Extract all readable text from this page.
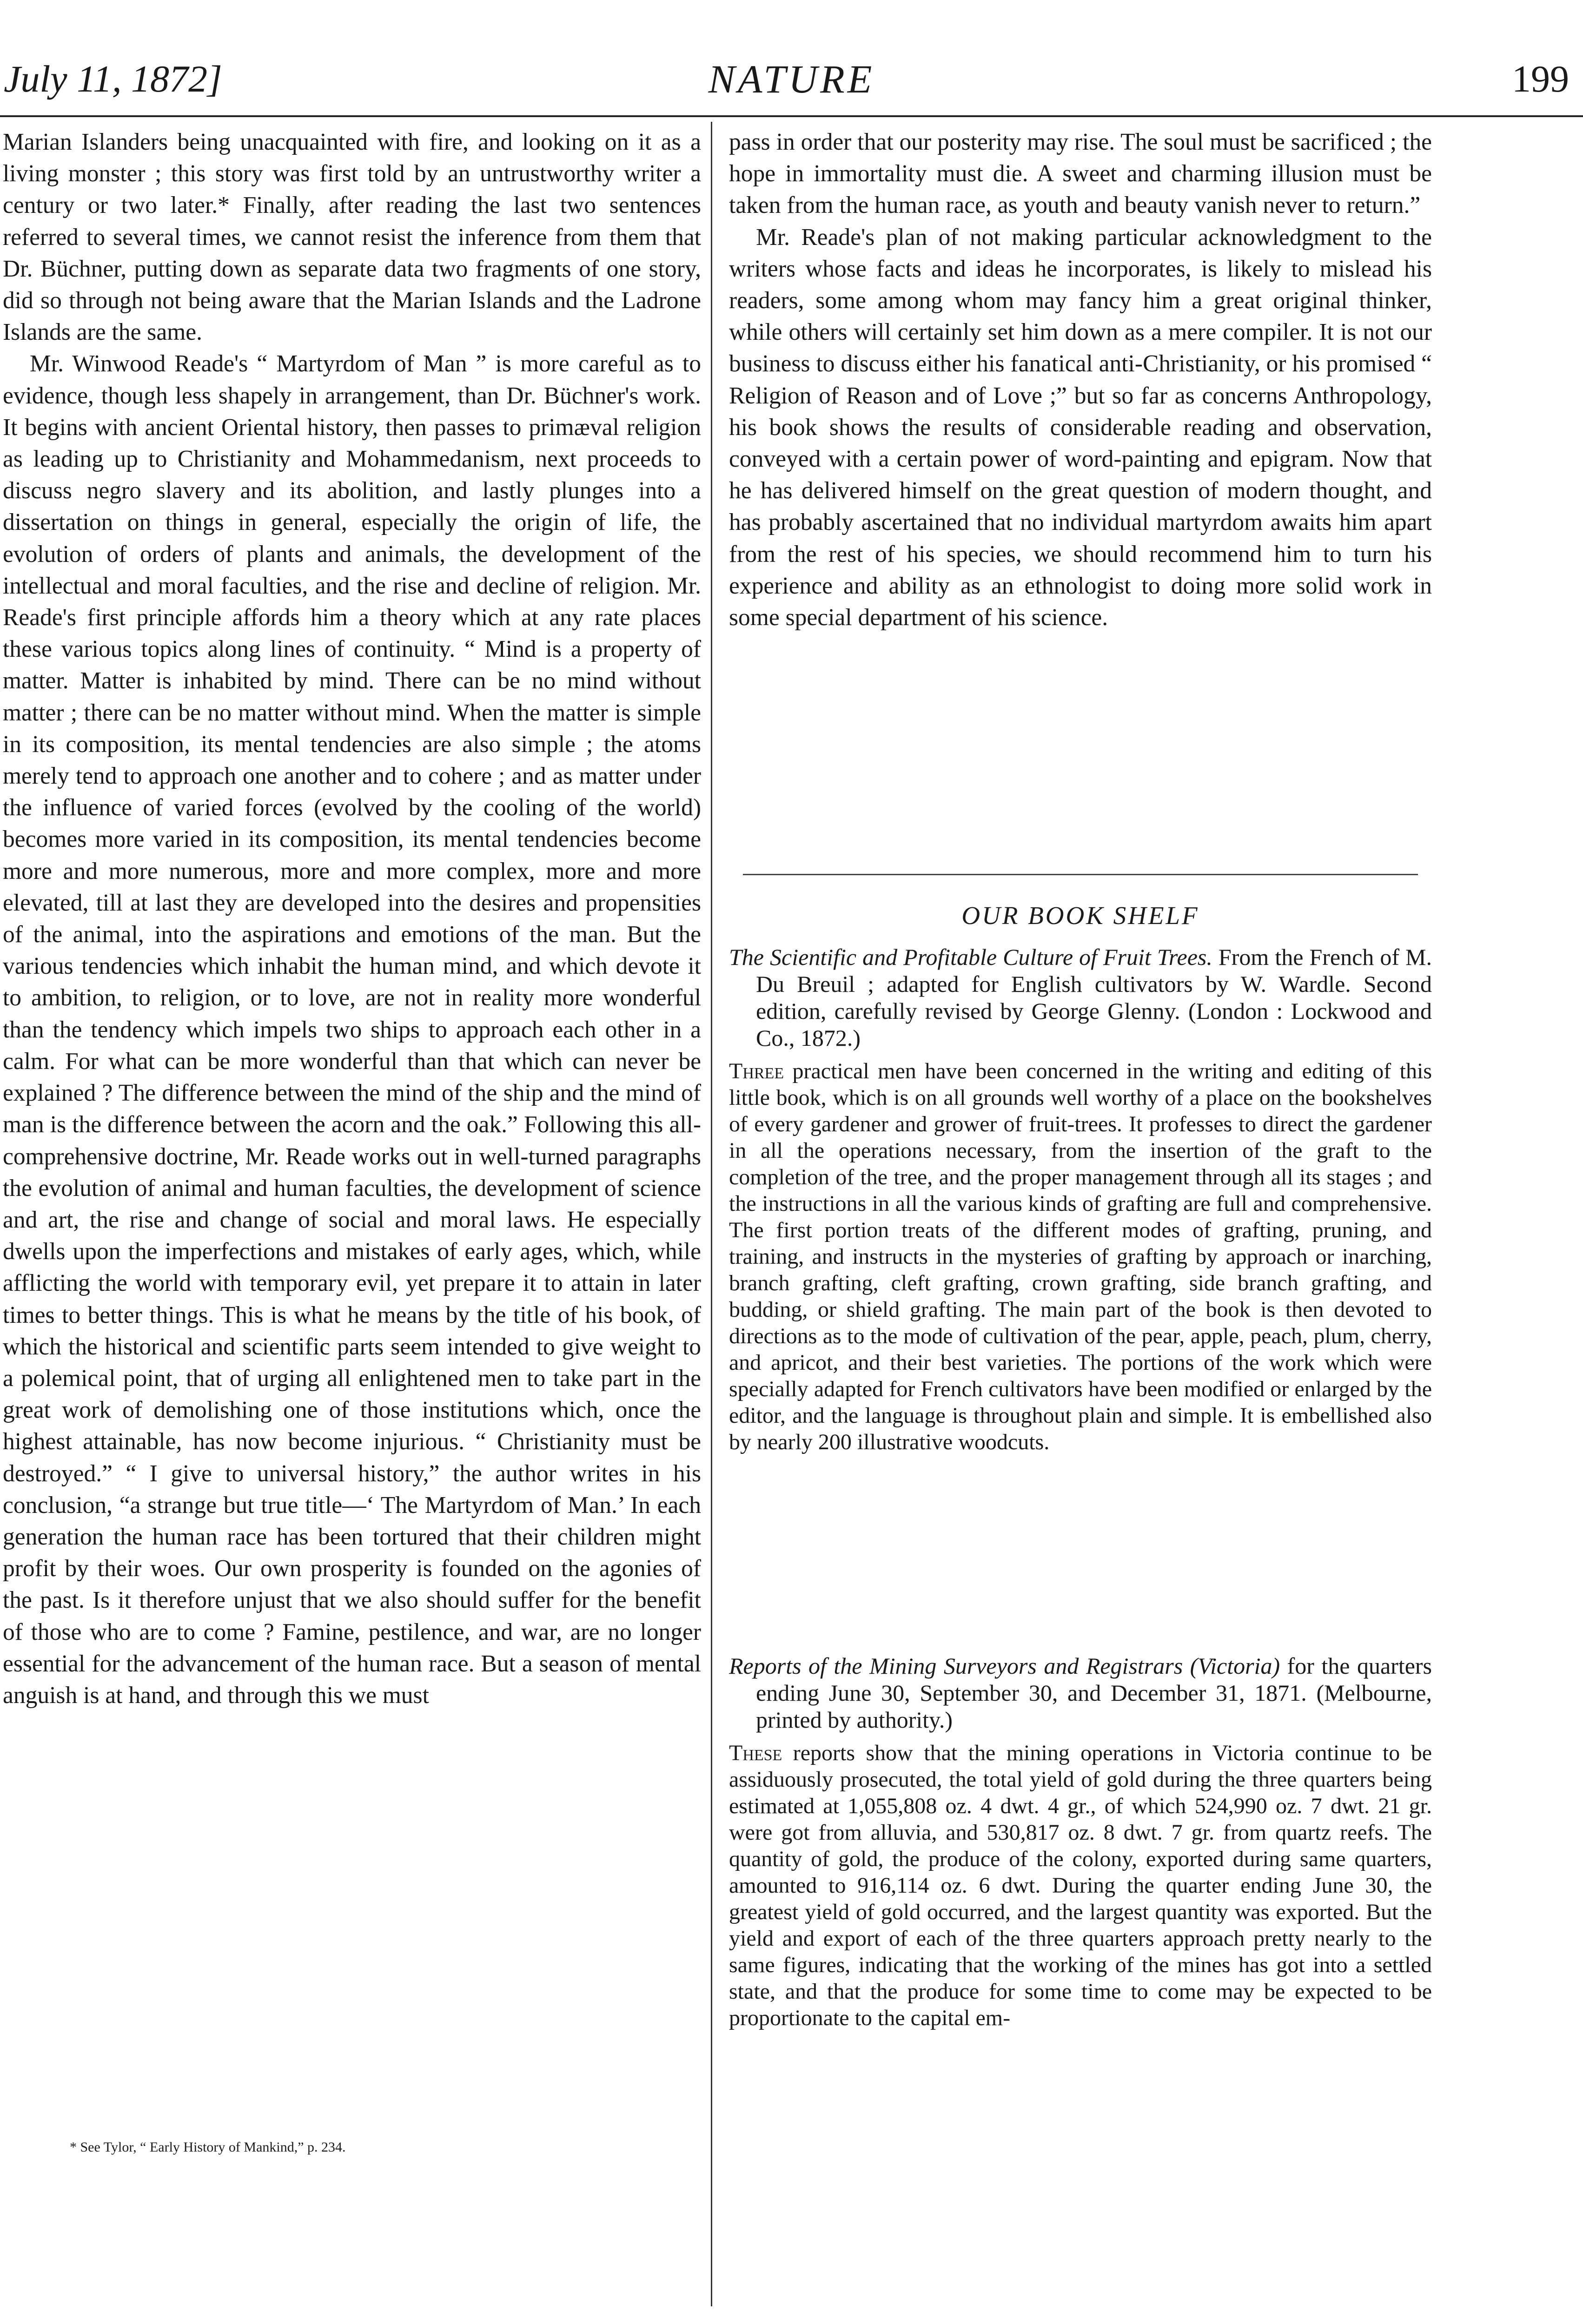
July 11, 1872]	NATURE	199

Marian Islanders being unacquainted with fire, and looking on it as a living monster ; this story was first told by an untrustworthy writer a century or two later.* Finally, after reading the last two sentences referred to several times, we cannot resist the inference from them that Dr. Büchner, putting down as separate data two fragments of one story, did so through not being aware that the Marian Islands and the Ladrone Islands are the same.

Mr. Winwood Reade's “ Martyrdom of Man ” is more careful as to evidence, though less shapely in arrangement, than Dr. Büchner's work. It begins with ancient Oriental history, then passes to primæval religion as leading up to Christianity and Mohammedanism, next proceeds to discuss negro slavery and its abolition, and lastly plunges into a dissertation on things in general, especially the origin of life, the evolution of orders of plants and animals, the development of the intellectual and moral faculties, and the rise and decline of religion. Mr. Reade's first principle affords him a theory which at any rate places these various topics along lines of continuity. “ Mind is a property of matter. Matter is inhabited by mind. There can be no mind without matter ; there can be no matter without mind. When the matter is simple in its composition, its mental tendencies are also simple ; the atoms merely tend to approach one another and to cohere ; and as matter under the influence of varied forces (evolved by the cooling of the world) becomes more varied in its composition, its mental tendencies become more and more numerous, more and more complex, more and more elevated, till at last they are developed into the desires and propensities of the animal, into the aspirations and emotions of the man. But the various tendencies which inhabit the human mind, and which devote it to ambition, to religion, or to love, are not in reality more wonderful than the tendency which impels two ships to approach each other in a calm. For what can be more wonderful than that which can never be explained ? The difference between the mind of the ship and the mind of man is the difference between the acorn and the oak.” Following this all-comprehensive doctrine, Mr. Reade works out in well-turned paragraphs the evolution of animal and human faculties, the development of science and art, the rise and change of social and moral laws. He especially dwells upon the imperfections and mistakes of early ages, which, while afflicting the world with temporary evil, yet prepare it to attain in later times to better things. This is what he means by the title of his book, of which the historical and scientific parts seem intended to give weight to a polemical point, that of urging all enlightened men to take part in the great work of demolishing one of those institutions which, once the highest attainable, has now become injurious. “ Christianity must be destroyed.” “ I give to universal history,” the author writes in his conclusion, “a strange but true title—‘ The Martyrdom of Man.’ In each generation the human race has been tortured that their children might profit by their woes. Our own prosperity is founded on the agonies of the past. Is it therefore unjust that we also should suffer for the benefit of those who are to come ? Famine, pestilence, and war, are no longer essential for the advancement of the human race. But a season of mental anguish is at hand, and through this we must

* See Tylor, “ Early History of Mankind,” p. 234.

pass in order that our posterity may rise. The soul must be sacrificed ; the hope in immortality must die. A sweet and charming illusion must be taken from the human race, as youth and beauty vanish never to return.”

Mr. Reade's plan of not making particular acknowledgment to the writers whose facts and ideas he incorporates, is likely to mislead his readers, some among whom may fancy him a great original thinker, while others will certainly set him down as a mere compiler. It is not our business to discuss either his fanatical anti-Christianity, or his promised “ Religion of Reason and of Love ;” but so far as concerns Anthropology, his book shows the results of considerable reading and observation, conveyed with a certain power of word-painting and epigram. Now that he has delivered himself on the great question of modern thought, and has probably ascertained that no individual martyrdom awaits him apart from the rest of his species, we should recommend him to turn his experience and ability as an ethnologist to doing more solid work in some special department of his science.

OUR BOOK SHELF

The Scientific and Profitable Culture of Fruit Trees. From the French of M. Du Breuil ; adapted for English cultivators by W. Wardle. Second edition, carefully revised by George Glenny. (London : Lockwood and Co., 1872.)

Three practical men have been concerned in the writing and editing of this little book, which is on all grounds well worthy of a place on the bookshelves of every gardener and grower of fruit-trees. It professes to direct the gardener in all the operations necessary, from the insertion of the graft to the completion of the tree, and the proper management through all its stages ; and the instructions in all the various kinds of grafting are full and comprehensive. The first portion treats of the different modes of grafting, pruning, and training, and instructs in the mysteries of grafting by approach or inarching, branch grafting, cleft grafting, crown grafting, side branch grafting, and budding, or shield grafting. The main part of the book is then devoted to directions as to the mode of cultivation of the pear, apple, peach, plum, cherry, and apricot, and their best varieties. The portions of the work which were specially adapted for French cultivators have been modified or enlarged by the editor, and the language is throughout plain and simple. It is embellished also by nearly 200 illustrative woodcuts.

Reports of the Mining Surveyors and Registrars (Victoria) for the quarters ending June 30, September 30, and December 31, 1871. (Melbourne, printed by authority.)

These reports show that the mining operations in Victoria continue to be assiduously prosecuted, the total yield of gold during the three quarters being estimated at 1,055,808 oz. 4 dwt. 4 gr., of which 524,990 oz. 7 dwt. 21 gr. were got from alluvia, and 530,817 oz. 8 dwt. 7 gr. from quartz reefs. The quantity of gold, the produce of the colony, exported during same quarters, amounted to 916,114 oz. 6 dwt. During the quarter ending June 30, the greatest yield of gold occurred, and the largest quantity was exported. But the yield and export of each of the three quarters approach pretty nearly to the same figures, indicating that the working of the mines has got into a settled state, and that the produce for some time to come may be expected to be proportionate to the capital em-
